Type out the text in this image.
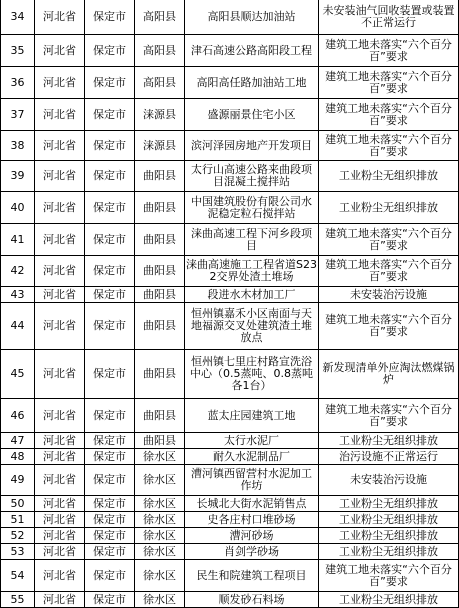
34	河北省	保定市	高阳县	高阳县顺达加油站	未安装油气回收装置或装置不正常运行
35	河北省	保定市	高阳县	津石高速公路高阳段工程	建筑工地未落实“六个百分百”要求
36	河北省	保定市	高阳县	高阳高任路加油站工地	建筑工地未落实“六个百分百”要求
37	河北省	保定市	涞源县	盛源丽景住宅小区	建筑工地未落实“六个百分百”要求
38	河北省	保定市	涞源县	滨河泽园房地产开发项目	建筑工地未落实“六个百分百”要求
39	河北省	保定市	曲阳县	太行山高速公路来曲段项目混凝土搅拌站	工业粉尘无组织排放
40	河北省	保定市	曲阳县	中国建筑股份有限公司水泥稳定粒石搅拌站	工业粉尘无组织排放
41	河北省	保定市	曲阳县	涞曲高速工程下河乡段项目	建筑工地未落实“六个百分百”要求
42	河北省	保定市	曲阳县	涞曲高速施工工程省道S232交界处渣土堆场	建筑工地未落实“六个百分百”要求
43	河北省	保定市	曲阳县	段进水木材加工厂	未安装治污设施
44	河北省	保定市	曲阳县	恒州镇嘉禾小区南面与天地福源交叉处建筑渣土堆放点	建筑工地未落实“六个百分百”要求
45	河北省	保定市	曲阳县	恒州镇七里庄村路宣洗浴中心（0.5蒸吨、0.8蒸吨各1台）	新发现清单外应淘汰燃煤锅炉
46	河北省	保定市	曲阳县	蓝太庄园建筑工地	建筑工地未落实“六个百分百”要求
47	河北省	保定市	曲阳县	太行水泥厂	工业粉尘无组织排放
48	河北省	保定市	徐水区	耐久水泥制品厂	治污设施不正常运行
49	河北省	保定市	徐水区	漕河镇西留营村水泥加工作坊	未安装治污设施
50	河北省	保定市	徐水区	长城北大街水泥销售点	工业粉尘无组织排放
51	河北省	保定市	徐水区	史各庄村口堆砂场	工业粉尘无组织排放
52	河北省	保定市	徐水区	漕河砂场	工业粉尘无组织排放
53	河北省	保定市	徐水区	肖剑学砂场	工业粉尘无组织排放
54	河北省	保定市	徐水区	民生和院建筑工程项目	建筑工地未落实“六个百分百”要求
55	河北省	保定市	徐水区	顺发砂石料场	工业粉尘无组织排放
